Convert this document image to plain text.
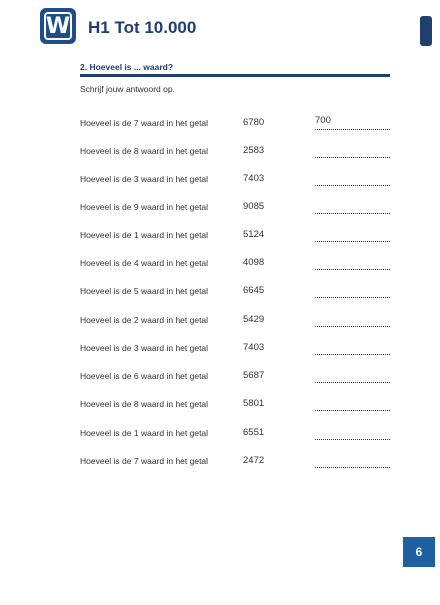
W H1 Tot 10.000
2. Hoeveel is ... waard?
Schrijf jouw antwoord op.
Hoeveel is de 7 waard in het getal	6780	700
Hoeveel is de 8 waard in het getal	2583
Hoeveel is de 3 waard in het getal	7403
Hoeveel is de 9 waard in het getal	9085
Hoeveel is de 1 waard in het getal	5124
Hoeveel is de 4 waard in het getal	4098
Hoeveel is de 5 waard in het getal	6645
Hoeveel is de 2 waard in het getal	5429
Hoeveel is de 3 waard in het getal	7403
Hoeveel is de 6 waard in het getal	5687
Hoeveel is de 8 waard in het getal	5801
Hoeveel is de 1 waard in het getal	6551
Hoeveel is de 7 waard in het getal	2472
6
